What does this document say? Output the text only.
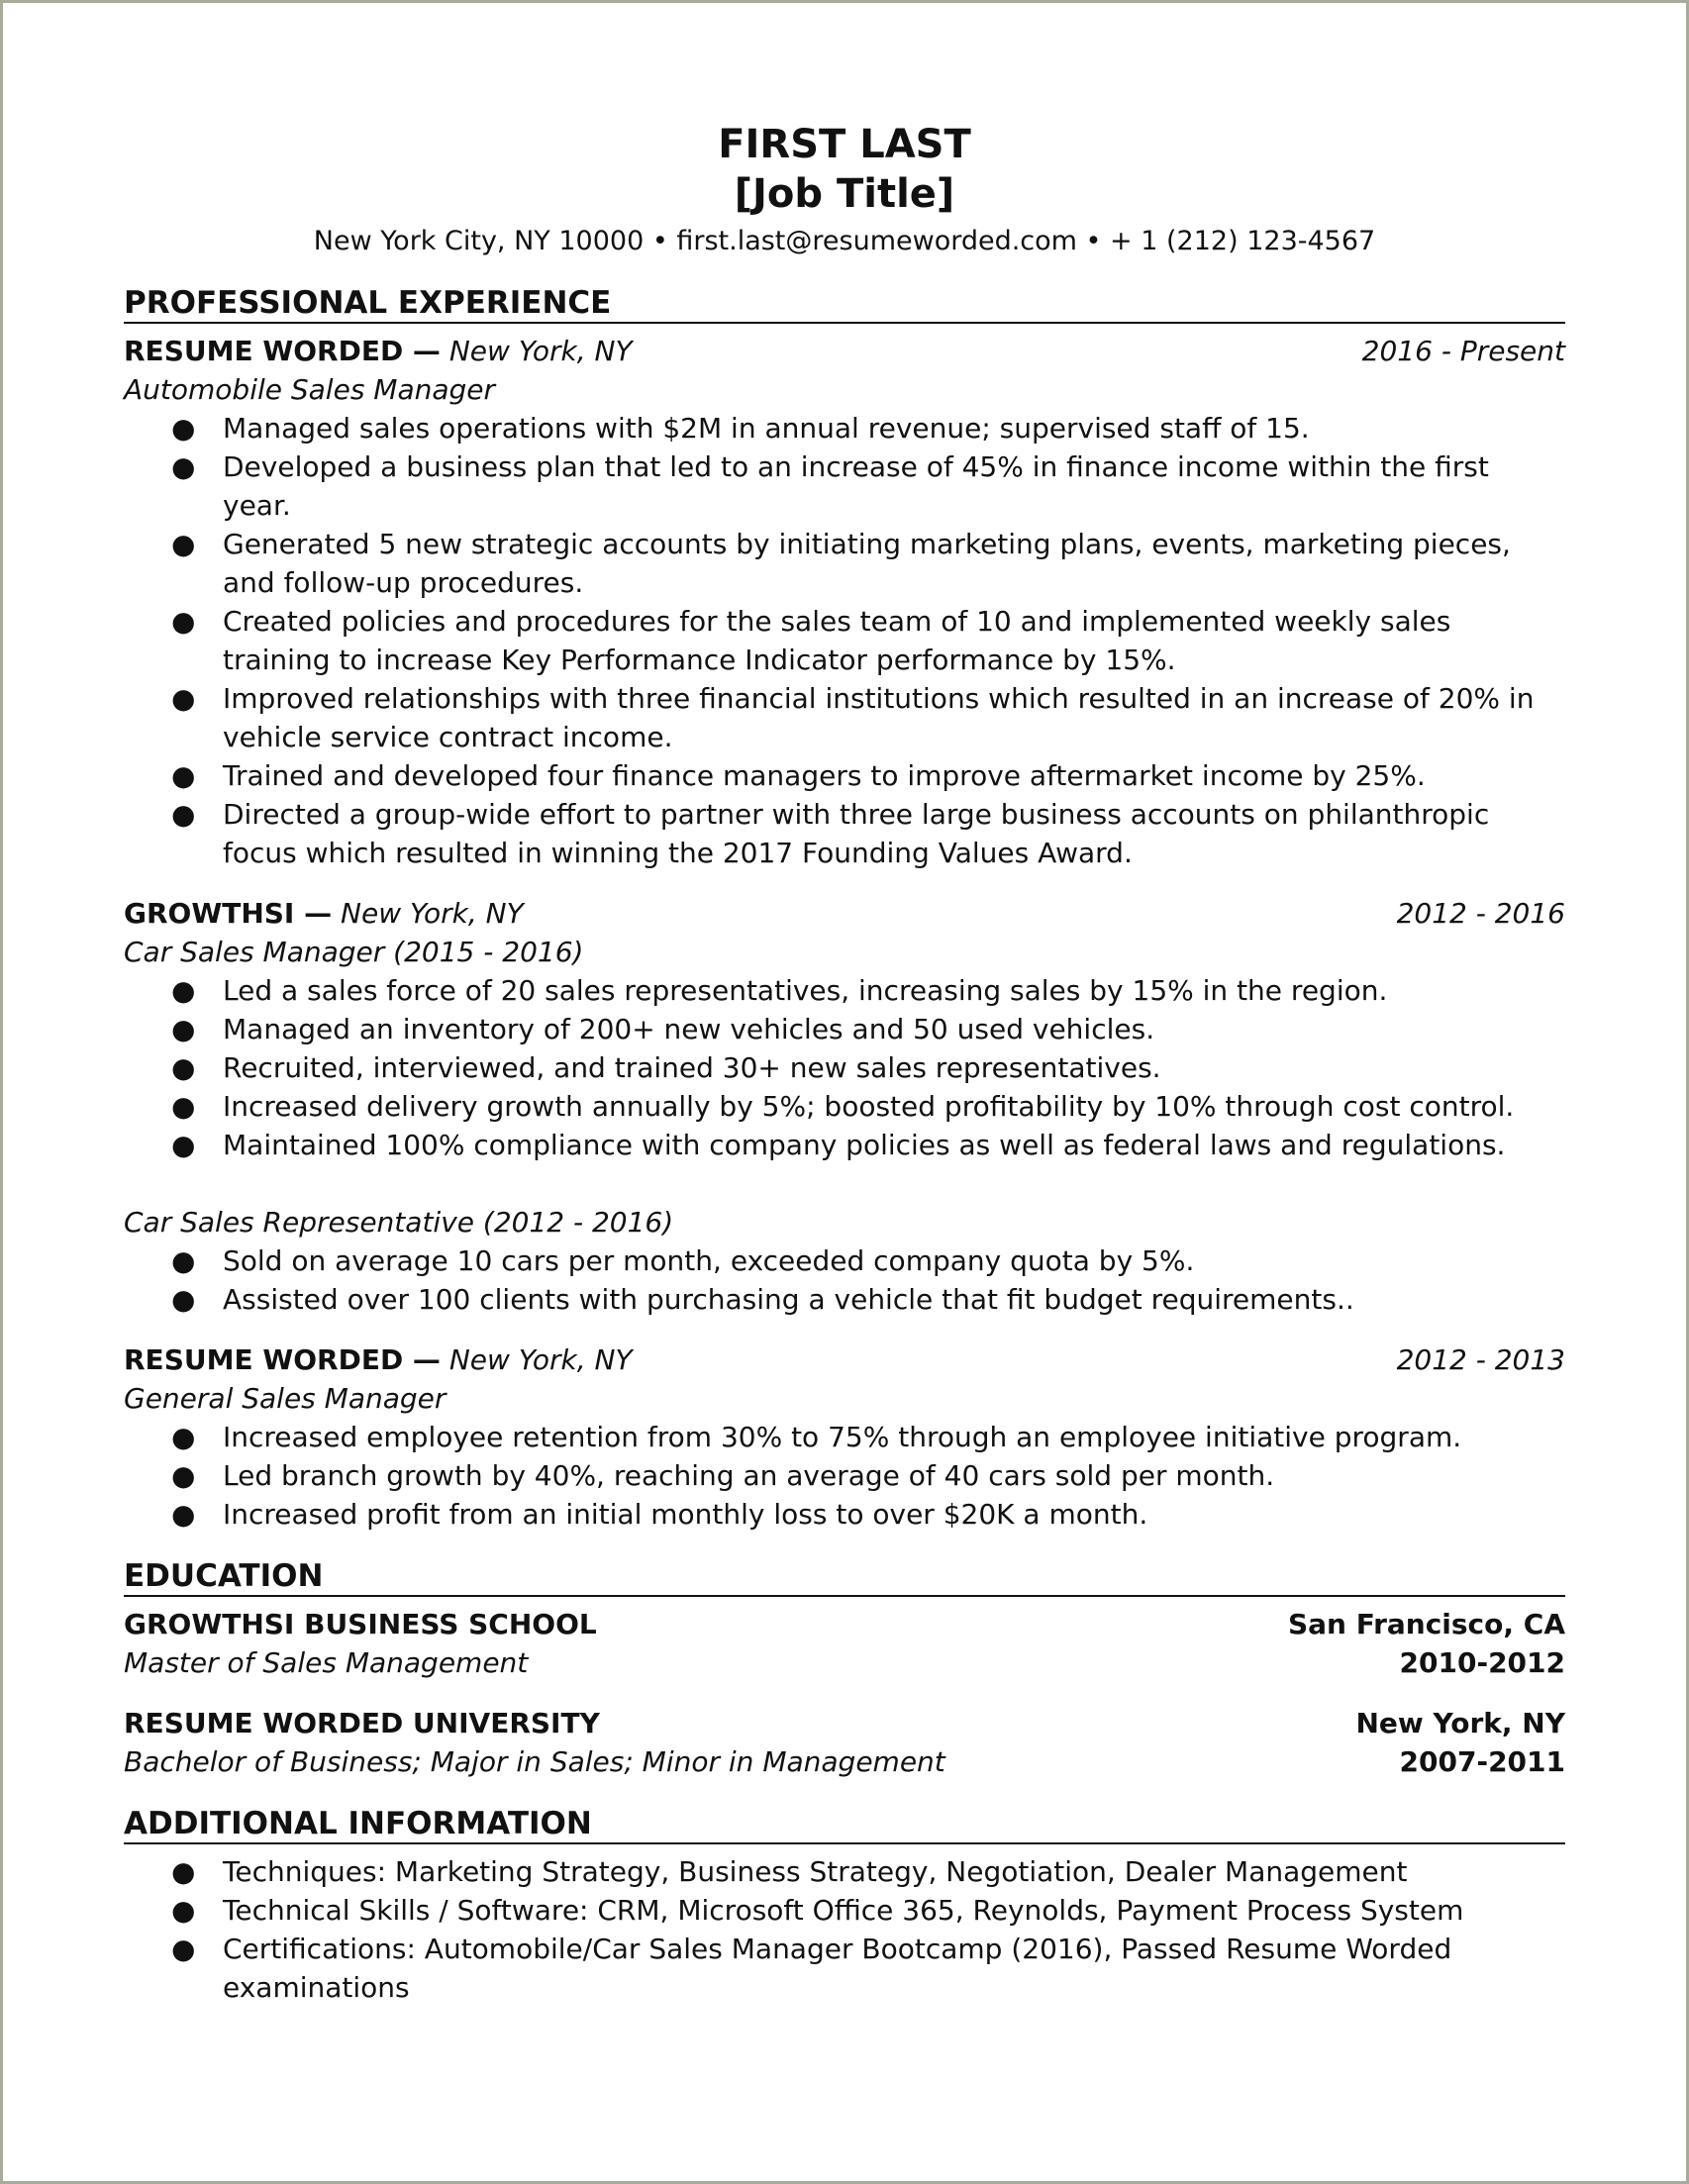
FIRST LAST
[Job Title]
New York City, NY 10000 • first.last@resumeworded.com • + 1 (212) 123-4567
PROFESSIONAL EXPERIENCE
RESUME WORDED — New York, NY	2016 - Present
Automobile Sales Manager
● Managed sales operations with $2M in annual revenue; supervised staff of 15.
● Developed a business plan that led to an increase of 45% in finance income within the first year.
● Generated 5 new strategic accounts by initiating marketing plans, events, marketing pieces, and follow-up procedures.
● Created policies and procedures for the sales team of 10 and implemented weekly sales training to increase Key Performance Indicator performance by 15%.
● Improved relationships with three financial institutions which resulted in an increase of 20% in vehicle service contract income.
● Trained and developed four finance managers to improve aftermarket income by 25%.
● Directed a group-wide effort to partner with three large business accounts on philanthropic focus which resulted in winning the 2017 Founding Values Award.
GROWTHSI — New York, NY	2012 - 2016
Car Sales Manager (2015 - 2016)
● Led a sales force of 20 sales representatives, increasing sales by 15% in the region.
● Managed an inventory of 200+ new vehicles and 50 used vehicles.
● Recruited, interviewed, and trained 30+ new sales representatives.
● Increased delivery growth annually by 5%; boosted profitability by 10% through cost control.
● Maintained 100% compliance with company policies as well as federal laws and regulations.
Car Sales Representative (2012 - 2016)
● Sold on average 10 cars per month, exceeded company quota by 5%.
● Assisted over 100 clients with purchasing a vehicle that fit budget requirements..
RESUME WORDED — New York, NY	2012 - 2013
General Sales Manager
● Increased employee retention from 30% to 75% through an employee initiative program.
● Led branch growth by 40%, reaching an average of 40 cars sold per month.
● Increased profit from an initial monthly loss to over $20K a month.
EDUCATION
GROWTHSI BUSINESS SCHOOL	San Francisco, CA
Master of Sales Management	2010-2012
RESUME WORDED UNIVERSITY	New York, NY
Bachelor of Business; Major in Sales; Minor in Management	2007-2011
ADDITIONAL INFORMATION
● Techniques: Marketing Strategy, Business Strategy, Negotiation, Dealer Management
● Technical Skills / Software: CRM, Microsoft Office 365, Reynolds, Payment Process System
● Certifications: Automobile/Car Sales Manager Bootcamp (2016), Passed Resume Worded examinations
